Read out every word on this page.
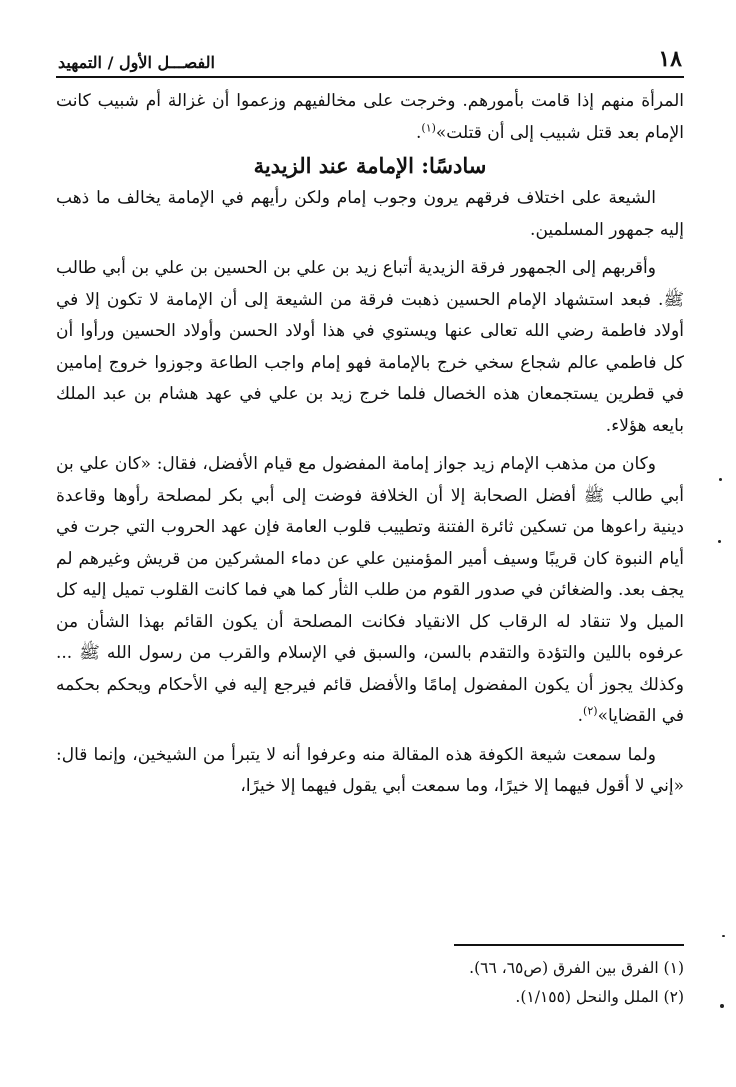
١٨
الفصـــل الأول / التمهيد

المرأة منهم إذا قامت بأمورهم. وخرجت على مخالفيهم وزعموا أن غزالة أم شبيب كانت الإمام بعد قتل شبيب إلى أن قتلت»$^{(١)}$.

سادسًا: الإمامة عند الزيدية

الشيعة على اختلاف فرقهم يرون وجوب إمام ولكن رأيهم في الإمامة يخالف ما ذهب إليه جمهور المسلمين.

وأقربهم إلى الجمهور فرقة الزيدية أتباع زيد بن علي بن الحسين بن علي بن أبي طالب ﷺ. فبعد استشهاد الإمام الحسين ذهبت فرقة من الشيعة إلى أن الإمامة لا تكون إلا في أولاد فاطمة رضي الله تعالى عنها ويستوي في هذا أولاد الحسن وأولاد الحسين ورأوا أن كل فاطمي عالم شجاع سخي خرج بالإمامة فهو إمام واجب الطاعة وجوزوا خروج إمامين في قطرين يستجمعان هذه الخصال فلما خرج زيد بن علي في عهد هشام بن عبد الملك بايعه هؤلاء.

وكان من مذهب الإمام زيد جواز إمامة المفضول مع قيام الأفضل، فقال: «كان علي بن أبي طالب ﷺ أفضل الصحابة إلا أن الخلافة فوضت إلى أبي بكر لمصلحة رأوها وقاعدة دينية راعوها من تسكين ثائرة الفتنة وتطييب قلوب العامة فإن عهد الحروب التي جرت في أيام النبوة كان قريبًا وسيف أمير المؤمنين علي عن دماء المشركين من قريش وغيرهم لم يجف بعد. والضغائن في صدور القوم من طلب الثأر كما هي فما كانت القلوب تميل إليه كل الميل ولا تنقاد له الرقاب كل الانقياد فكانت المصلحة أن يكون القائم بهذا الشأن من عرفوه باللين والتؤدة والتقدم بالسن، والسبق في الإسلام والقرب من رسول الله ﷺ ... وكذلك يجوز أن يكون المفضول إمامًا والأفضل قائم فيرجع إليه في الأحكام ويحكم بحكمه في القضايا»$^{(٢)}$.

ولما سمعت شيعة الكوفة هذه المقالة منه وعرفوا أنه لا يتبرأ من الشيخين، وإنما قال: «إني لا أقول فيهما إلا خيرًا، وما سمعت أبي يقول فيهما إلا خيرًا،

(١) الفرق بين الفرق (ص٦٥، ٦٦).

(٢) الملل والنحل (١/١٥٥).
